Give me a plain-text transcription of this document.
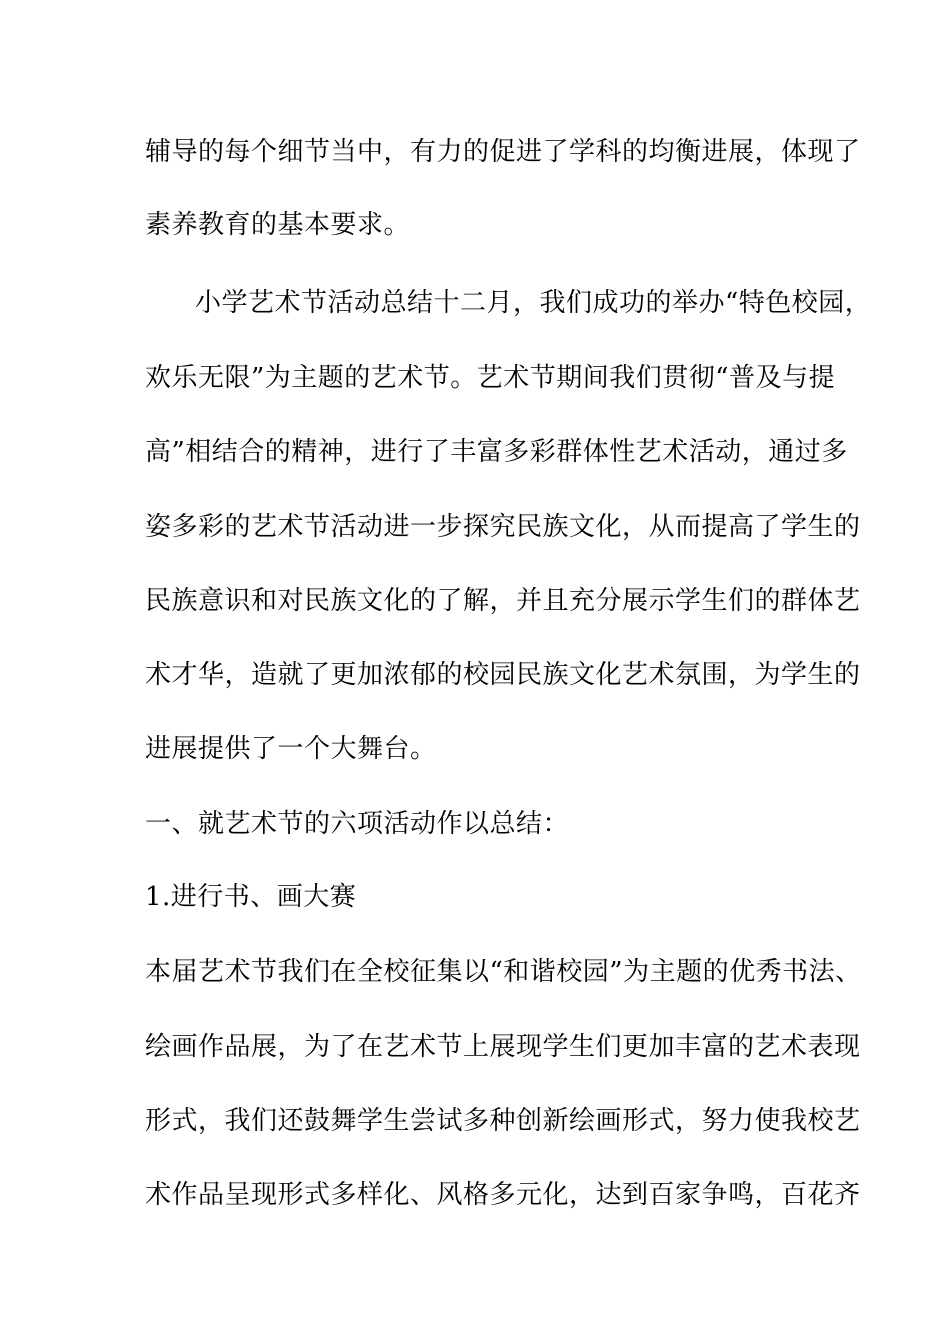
辅导的每个细节当中，有力的促进了学科的均衡进展，体现了
素养教育的基本要求。
小学艺术节活动总结十二月，我们成功的举办“特色校园，
欢乐无限”为主题的艺术节。艺术节期间我们贯彻“普及与提
高”相结合的精神，进行了丰富多彩群体性艺术活动，通过多
姿多彩的艺术节活动进一步探究民族文化，从而提高了学生的
民族意识和对民族文化的了解，并且充分展示学生们的群体艺
术才华，造就了更加浓郁的校园民族文化艺术氛围，为学生的
进展提供了一个大舞台。
一、就艺术节的六项活动作以总结：
1.进行书、画大赛
本届艺术节我们在全校征集以“和谐校园”为主题的优秀书法、
绘画作品展，为了在艺术节上展现学生们更加丰富的艺术表现
形式，我们还鼓舞学生尝试多种创新绘画形式，努力使我校艺
术作品呈现形式多样化、风格多元化，达到百家争鸣，百花齐
